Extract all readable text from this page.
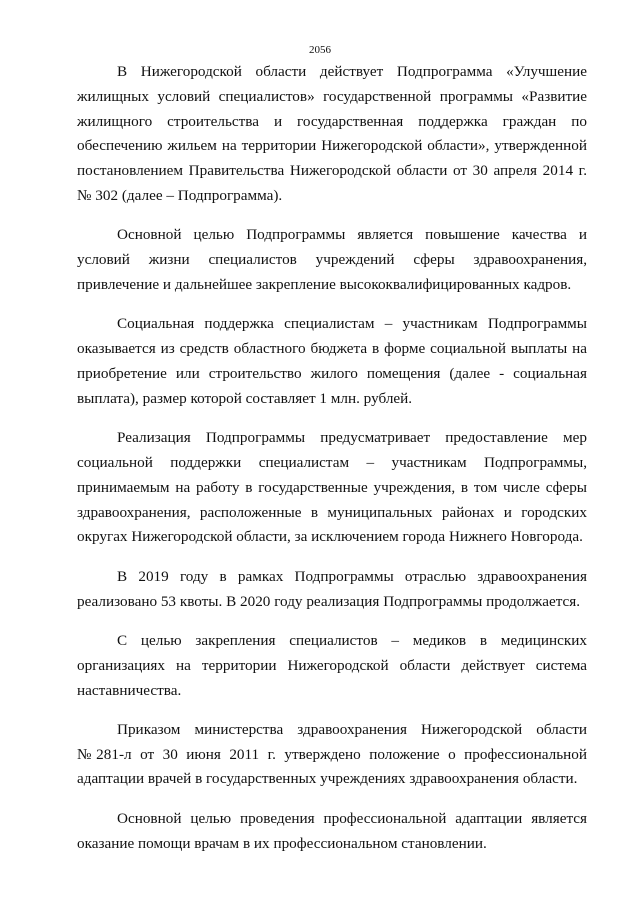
2056

В Нижегородской области действует Подпрограмма «Улучшение жилищных условий специалистов» государственной программы «Развитие жилищного строительства и государственная поддержка граждан по обеспечению жильем на территории Нижегородской области», утвержденной постановлением Правительства Нижегородской области от 30 апреля 2014 г. № 302 (далее – Подпрограмма).

Основной целью Подпрограммы является повышение качества и условий жизни специалистов учреждений сферы здравоохранения, привлечение и дальнейшее закрепление высококвалифицированных кадров.

Социальная поддержка специалистам – участникам Подпрограммы оказывается из средств областного бюджета в форме социальной выплаты на приобретение или строительство жилого помещения (далее - социальная выплата), размер которой составляет 1 млн. рублей.

Реализация Подпрограммы предусматривает предоставление мер социальной поддержки специалистам – участникам Подпрограммы, принимаемым на работу в государственные учреждения, в том числе сферы здравоохранения, расположенные в муниципальных районах и городских округах Нижегородской области, за исключением города Нижнего Новгорода.

В 2019 году в рамках Подпрограммы отраслью здравоохранения реализовано 53 квоты. В 2020 году реализация Подпрограммы продолжается.

С целью закрепления специалистов – медиков в медицинских организациях на территории Нижегородской области действует система наставничества.

Приказом министерства здравоохранения Нижегородской области №281-л от 30 июня 2011 г. утверждено положение о профессиональной адаптации врачей в государственных учреждениях здравоохранения области.

Основной целью проведения профессиональной адаптации является оказание помощи врачам в их профессиональном становлении.
